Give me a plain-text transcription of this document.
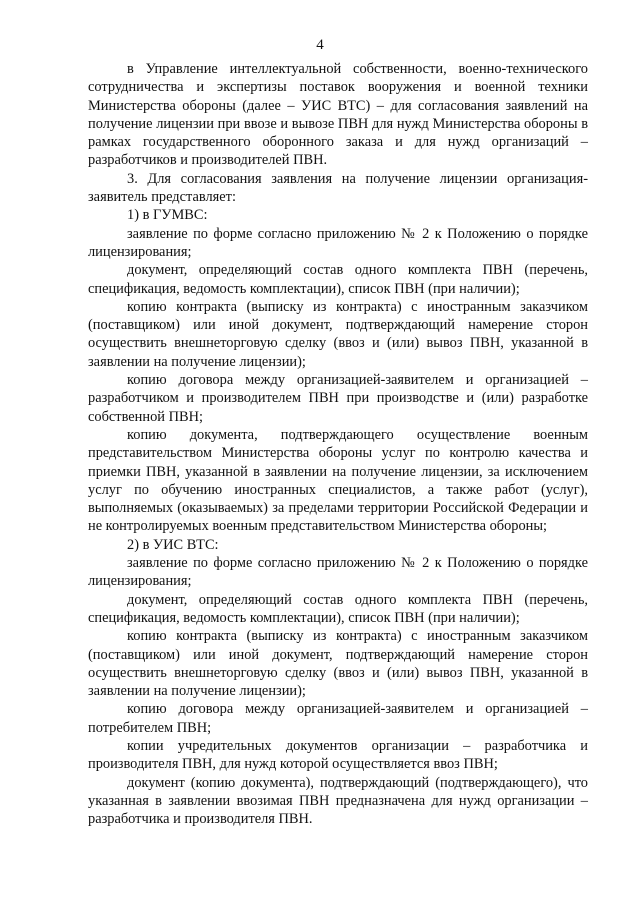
4

в Управление интеллектуальной собственности, военно-технического сотрудничества и экспертизы поставок вооружения и военной техники Министерства обороны (далее – УИС ВТС) – для согласования заявлений на получение лицензии при ввозе и вывозе ПВН для нужд Министерства обороны в рамках государственного оборонного заказа и для нужд организаций – разработчиков и производителей ПВН.

3. Для согласования заявления на получение лицензии организация-заявитель представляет:

1) в ГУМВС:

заявление по форме согласно приложению № 2 к Положению о порядке лицензирования;

документ, определяющий состав одного комплекта ПВН (перечень, спецификация, ведомость комплектации), список ПВН (при наличии);

копию контракта (выписку из контракта) с иностранным заказчиком (поставщиком) или иной документ, подтверждающий намерение сторон осуществить внешнеторговую сделку (ввоз и (или) вывоз ПВН, указанной в заявлении на получение лицензии);

копию договора между организацией-заявителем и организацией – разработчиком и производителем ПВН при производстве и (или) разработке собственной ПВН;

копию документа, подтверждающего осуществление военным представительством Министерства обороны услуг по контролю качества и приемки ПВН, указанной в заявлении на получение лицензии, за исключением услуг по обучению иностранных специалистов, а также работ (услуг), выполняемых (оказываемых) за пределами территории Российской Федерации и не контролируемых военным представительством Министерства обороны;

2) в УИС ВТС:

заявление по форме согласно приложению № 2 к Положению о порядке лицензирования;

документ, определяющий состав одного комплекта ПВН (перечень, спецификация, ведомость комплектации), список ПВН (при наличии);

копию контракта (выписку из контракта) с иностранным заказчиком (поставщиком) или иной документ, подтверждающий намерение сторон осуществить внешнеторговую сделку (ввоз и (или) вывоз ПВН, указанной в заявлении на получение лицензии);

копию договора между организацией-заявителем и организацией – потребителем ПВН;

копии учредительных документов организации – разработчика и производителя ПВН, для нужд которой осуществляется ввоз ПВН;

документ (копию документа), подтверждающий (подтверждающего), что указанная в заявлении ввозимая ПВН предназначена для нужд организации – разработчика и производителя ПВН.
